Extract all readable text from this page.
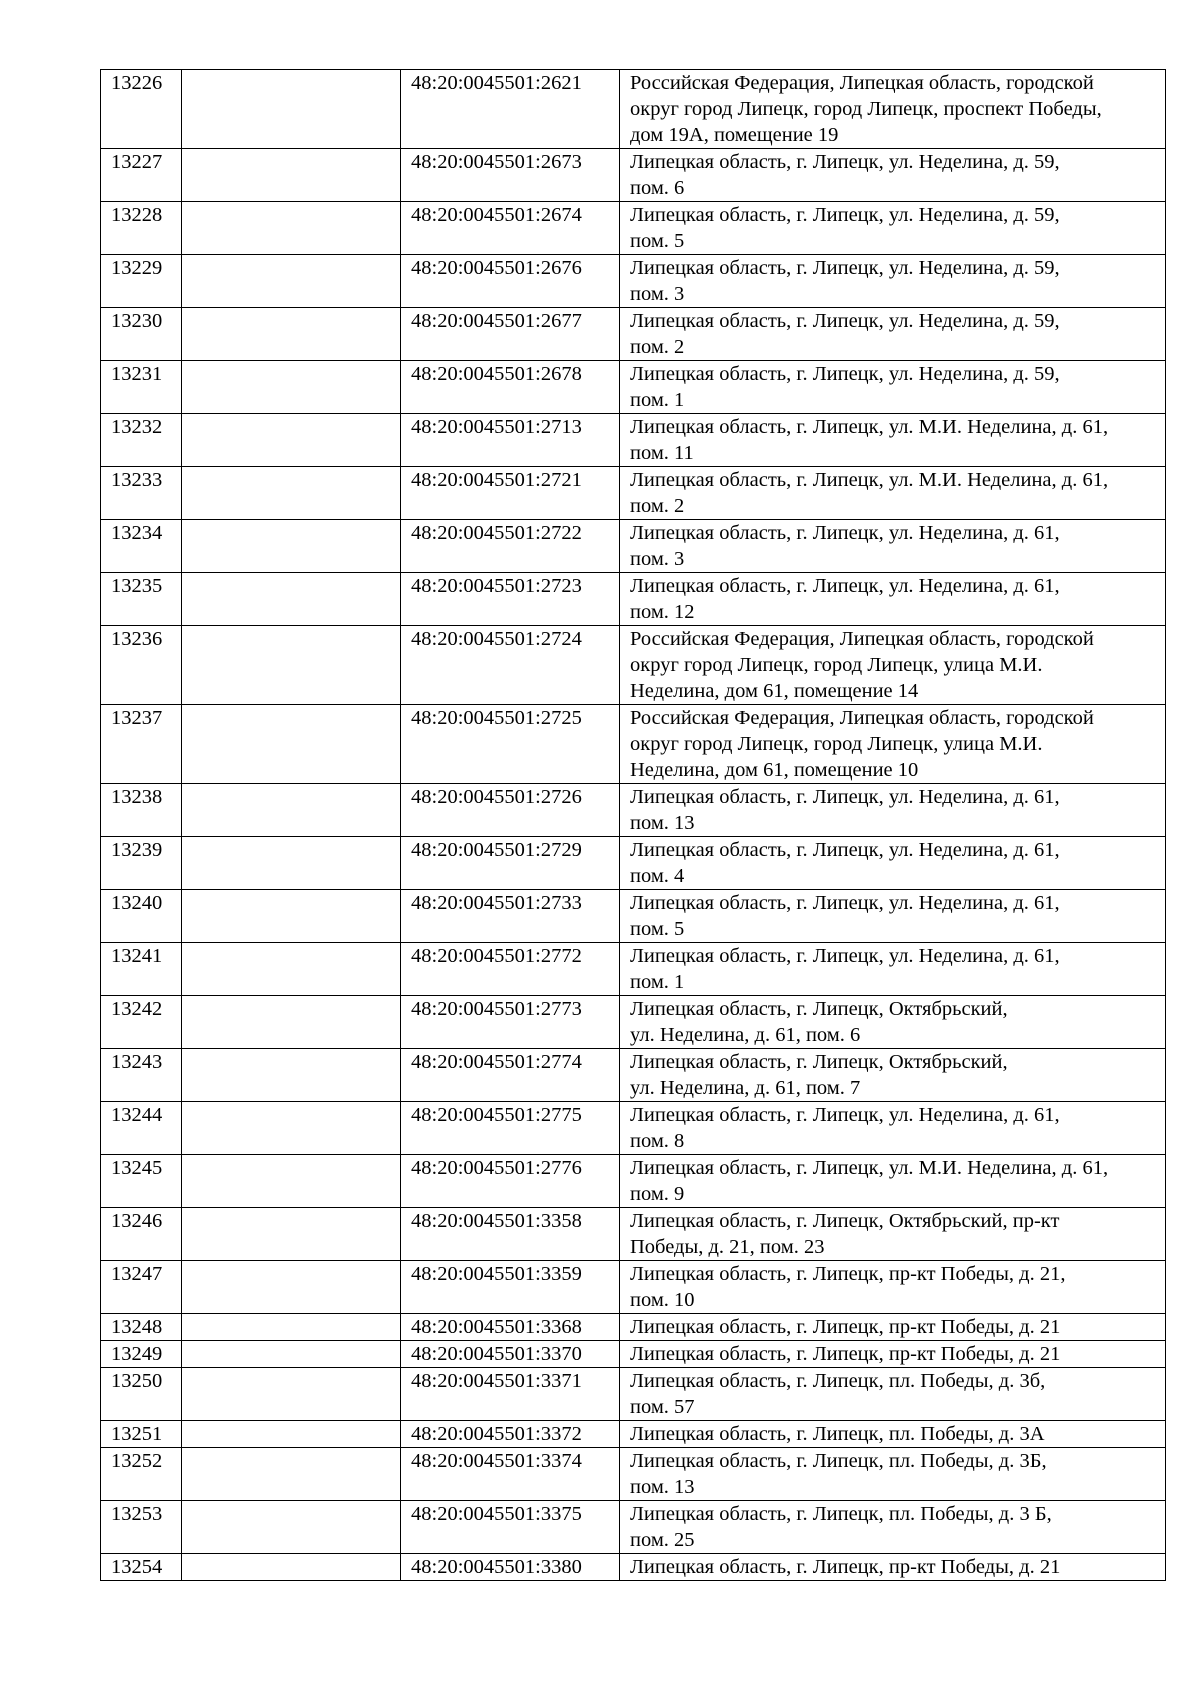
13226		48:20:0045501:2621	Российская Федерация, Липецкая область, городской
округ город Липецк, город Липецк, проспект Победы,
дом 19А, помещение 19

13227		48:20:0045501:2673	Липецкая область, г. Липецк, ул. Неделина, д. 59,
пом. 6

13228		48:20:0045501:2674	Липецкая область, г. Липецк, ул. Неделина, д. 59,
пом. 5

13229		48:20:0045501:2676	Липецкая область, г. Липецк, ул. Неделина, д. 59,
пом. 3

13230		48:20:0045501:2677	Липецкая область, г. Липецк, ул. Неделина, д. 59,
пом. 2

13231		48:20:0045501:2678	Липецкая область, г. Липецк, ул. Неделина, д. 59,
пом. 1

13232		48:20:0045501:2713	Липецкая область, г. Липецк, ул. М.И. Неделина, д. 61,
пом. 11

13233		48:20:0045501:2721	Липецкая область, г. Липецк, ул. М.И. Неделина, д. 61,
пом. 2

13234		48:20:0045501:2722	Липецкая область, г. Липецк, ул. Неделина, д. 61,
пом. 3

13235		48:20:0045501:2723	Липецкая область, г. Липецк, ул. Неделина, д. 61,
пом. 12

13236		48:20:0045501:2724	Российская Федерация, Липецкая область, городской
округ город Липецк, город Липецк, улица М.И.
Неделина, дом 61, помещение 14

13237		48:20:0045501:2725	Российская Федерация, Липецкая область, городской
округ город Липецк, город Липецк, улица М.И.
Неделина, дом 61, помещение 10

13238		48:20:0045501:2726	Липецкая область, г. Липецк, ул. Неделина, д. 61,
пом. 13

13239		48:20:0045501:2729	Липецкая область, г. Липецк, ул. Неделина, д. 61,
пом. 4

13240		48:20:0045501:2733	Липецкая область, г. Липецк, ул. Неделина, д. 61,
пом. 5

13241		48:20:0045501:2772	Липецкая область, г. Липецк, ул. Неделина, д. 61,
пом. 1

13242		48:20:0045501:2773	Липецкая область, г. Липецк, Октябрьский,
ул. Неделина, д. 61, пом. 6

13243		48:20:0045501:2774	Липецкая область, г. Липецк, Октябрьский,
ул. Неделина, д. 61, пом. 7

13244		48:20:0045501:2775	Липецкая область, г. Липецк, ул. Неделина, д. 61,
пом. 8

13245		48:20:0045501:2776	Липецкая область, г. Липецк, ул. М.И. Неделина, д. 61,
пом. 9

13246		48:20:0045501:3358	Липецкая область, г. Липецк, Октябрьский, пр-кт
Победы, д. 21, пом. 23

13247		48:20:0045501:3359	Липецкая область, г. Липецк, пр-кт Победы, д. 21,
пом. 10

13248		48:20:0045501:3368	Липецкая область, г. Липецк, пр-кт Победы, д. 21

13249		48:20:0045501:3370	Липецкая область, г. Липецк, пр-кт Победы, д. 21

13250		48:20:0045501:3371	Липецкая область, г. Липецк, пл. Победы, д. 3б,
пом. 57

13251		48:20:0045501:3372	Липецкая область, г. Липецк, пл. Победы, д. 3А

13252		48:20:0045501:3374	Липецкая область, г. Липецк, пл. Победы, д. 3Б,
пом. 13

13253		48:20:0045501:3375	Липецкая область, г. Липецк, пл. Победы, д. 3 Б,
пом. 25

13254		48:20:0045501:3380	Липецкая область, г. Липецк, пр-кт Победы, д. 21
